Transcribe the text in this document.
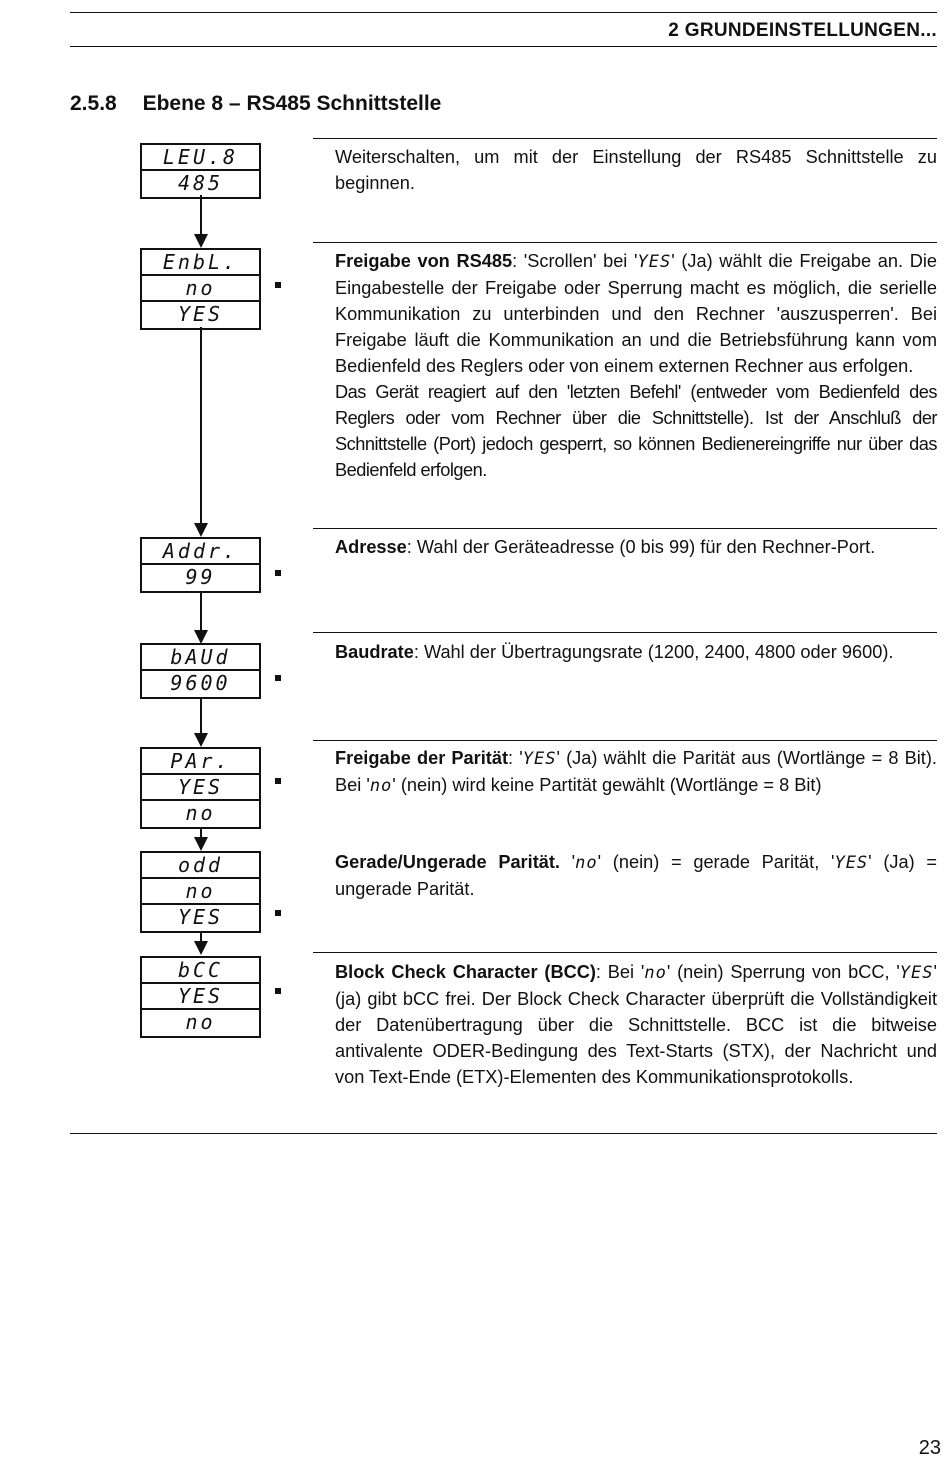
2 GRUNDEINSTELLUNGEN...
2.5.8 Ebene 8 – RS485 Schnittstelle
LEU.8
485
EnbL.
no
YES
Addr.
99
bAUd
9600
PAr.
YES
no
odd
no
YES
bCC
YES
no
Weiterschalten, um mit der Einstellung der RS485 Schnittstelle zu beginnen.
Freigabe von RS485: 'Scrollen' bei 'YES' (Ja) wählt die Freigabe an. Die Eingabestelle der Freigabe oder Sperrung macht es möglich, die serielle Kommunikation zu unterbinden und den Rechner 'auszusperren'. Bei Freigabe läuft die Kommunikation an und die Betriebsführung kann vom Bedienfeld des Reglers oder von einem externen Rechner aus erfolgen.
Das Gerät reagiert auf den 'letzten Befehl' (entweder vom Bedienfeld des Reglers oder vom Rechner über die Schnittstelle). Ist der Anschluß der Schnittstelle (Port) jedoch gesperrt, so können Bedienereingriffe nur über das Bedienfeld erfolgen.
Adresse: Wahl der Geräteadresse (0 bis 99) für den Rechner-Port.
Baudrate: Wahl der Übertragungsrate (1200, 2400, 4800 oder 9600).
Freigabe der Parität: 'YES' (Ja) wählt die Parität aus (Wortlänge = 8 Bit). Bei 'no' (nein) wird keine Partität gewählt (Wortlänge = 8 Bit)
Gerade/Ungerade Parität. 'no' (nein) = gerade Parität, 'YES' (Ja) = ungerade Parität.
Block Check Character (BCC): Bei 'no' (nein) Sperrung von bCC, 'YES' (ja) gibt bCC frei. Der Block Check Character überprüft die Vollständigkeit der Datenübertragung über die Schnittstelle. BCC ist die bitweise antivalente ODER-Bedingung des Text-Starts (STX), der Nachricht und von Text-Ende (ETX)-Elementen des Kommunikationsprotokolls.
23
